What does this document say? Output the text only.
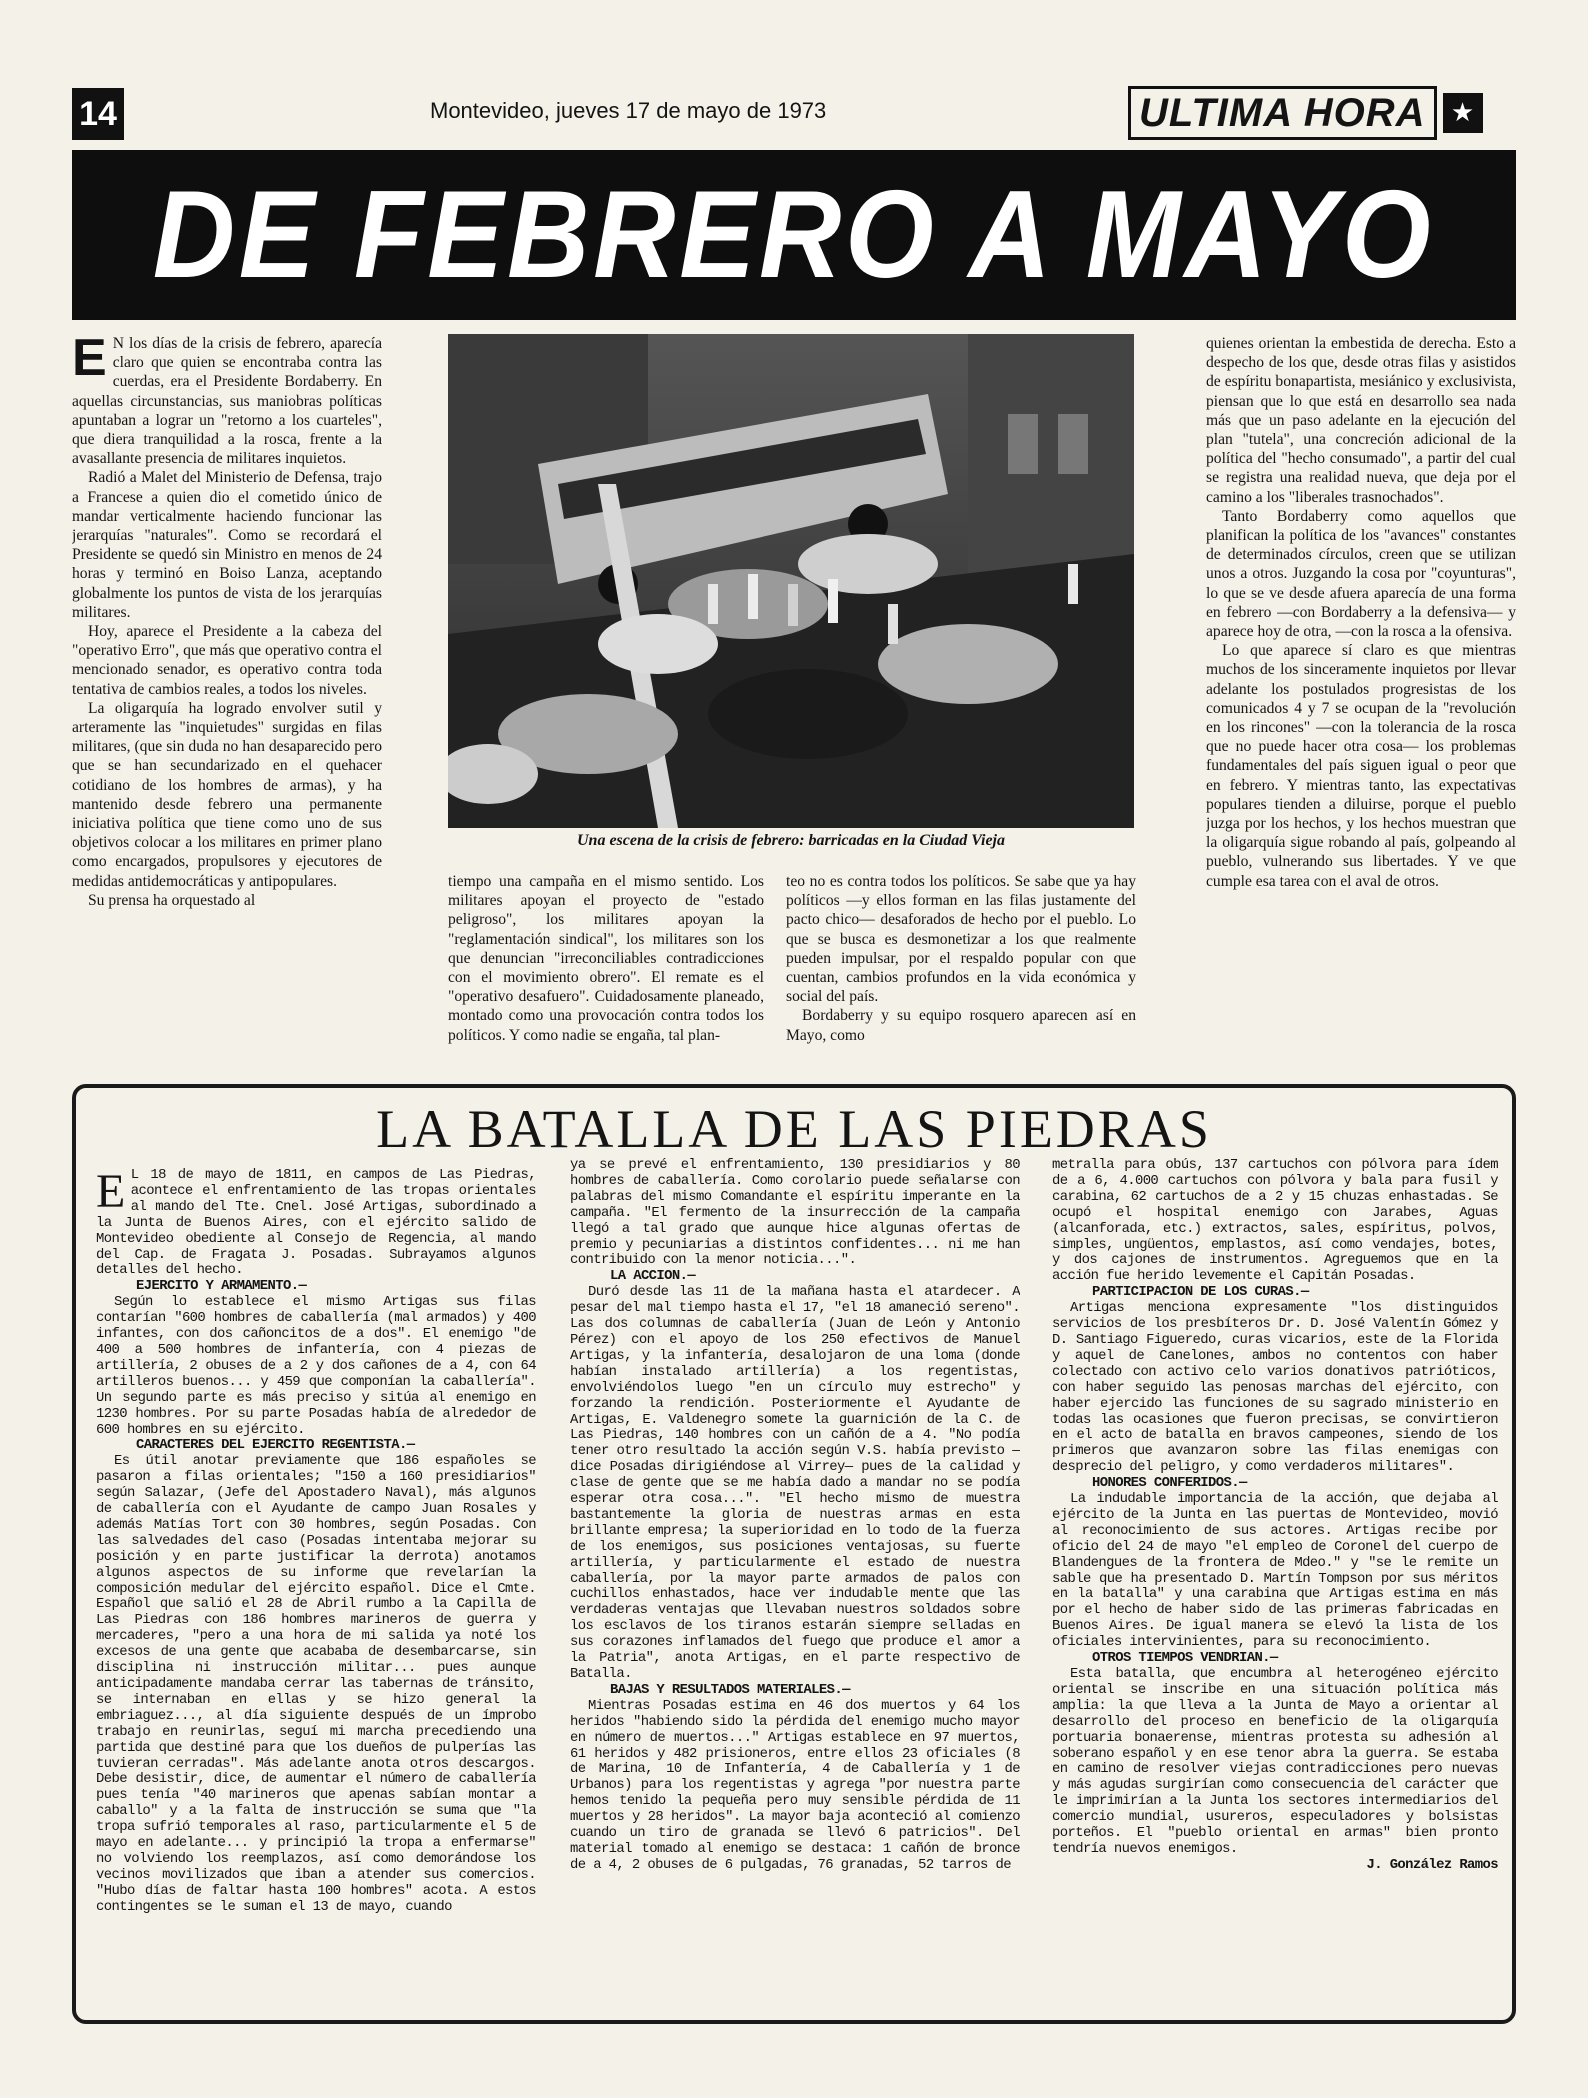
14	Montevideo, jueves 17 de mayo de 1973	ULTIMA HORA ★
DE FEBRERO A MAYO
E N los días de la crisis de febrero, aparecía claro que quien se encontraba contra las cuerdas, era el Presidente Bordaberry. En aquellas circunstancias, sus maniobras políticas apuntaban a lograr un "retorno a los cuarteles", que diera tranquilidad a la rosca, frente a la avasallante presencia de militares inquietos.

Radió a Malet del Ministerio de Defensa, trajo a Francese a quien dio el cometido único de mandar verticalmente haciendo funcionar las jerarquías "naturales". Como se recordará el Presidente se quedó sin Ministro en menos de 24 horas y terminó en Boiso Lanza, aceptando globalmente los puntos de vista de los jerarquías militares.

Hoy, aparece el Presidente a la cabeza del "operativo Erro", que más que operativo contra el mencionado senador, es operativo contra toda tentativa de cambios reales, a todos los niveles.

La oligarquía ha logrado envolver sutil y arteramente las "inquietudes" surgidas en filas militares, (que sin duda no han desaparecido pero que se han secundarizado en el quehacer cotidiano de los hombres de armas), y ha mantenido desde febrero una permanente iniciativa política que tiene como uno de sus objetivos colocar a los militares en primer plano como encargados, propulsores y ejecutores de medidas antidemocráticas y antipopulares.

Su prensa ha orquestado al

Una escena de la crisis de febrero: barricadas en la Ciudad Vieja

tiempo una campaña en el mismo sentido. Los militares apoyan el proyecto de "estado peligroso", los militares apoyan la "reglamentación sindical", los militares son los que denuncian "irreconciliables contradicciones con el movimiento obrero". El remate es el "operativo desafuero". Cuidadosamente planeado, montado como una provocación contra todos los políticos. Y como nadie se engaña, tal plan-

teo no es contra todos los políticos. Se sabe que ya hay políticos —y ellos forman en las filas justamente del pacto chico— desaforados de hecho por el pueblo. Lo que se busca es desmonetizar a los que realmente pueden impulsar, por el respaldo popular con que cuentan, cambios profundos en la vida económica y social del país.

Bordaberry y su equipo rosquero aparecen así en Mayo, como

quienes orientan la embestida de derecha. Esto a despecho de los que, desde otras filas y asistidos de espíritu bonapartista, mesiánico y exclusivista, piensan que lo que está en desarrollo sea nada más que un paso adelante en la ejecución del plan "tutela", una concreción adicional de la política del "hecho consumado", a partir del cual se registra una realidad nueva, que deja por el camino a los "liberales trasnochados".

Tanto Bordaberry como aquellos que planifican la política de los "avances" constantes de determinados círculos, creen que se utilizan unos a otros. Juzgando la cosa por "coyunturas", lo que se ve desde afuera aparecía de una forma en febrero —con Bordaberry a la defensiva— y aparece hoy de otra, —con la rosca a la ofensiva.

Lo que aparece sí claro es que mientras muchos de los sinceramente inquietos por llevar adelante los postulados progresistas de los comunicados 4 y 7 se ocupan de la "revolución en los rincones" —con la tolerancia de la rosca que no puede hacer otra cosa— los problemas fundamentales del país siguen igual o peor que en febrero. Y mientras tanto, las expectativas populares tienden a diluirse, porque el pueblo juzga por los hechos, y los hechos muestran que la oligarquía sigue robando al país, golpeando al pueblo, vulnerando sus libertades. Y ve que cumple esa tarea con el aval de otros.

LA BATALLA DE LAS PIEDRAS
E L 18 de mayo de 1811, en campos de Las Piedras, acontece el enfrentamiento de las tropas orientales al mando del Tte. Cnel. José Artigas, subordinado a la Junta de Buenos Aires, con el ejército salido de Montevideo obediente al Consejo de Regencia, al mando del Cap. de Fragata J. Posadas. Subrayamos algunos detalles del hecho.

EJERCITO Y ARMAMENTO.—

Según lo establece el mismo Artigas sus filas contarían "600 hombres de caballería (mal armados) y 400 infantes, con dos cañoncitos de a dos". El enemigo "de 400 a 500 hombres de infantería, con 4 piezas de artillería, 2 obuses de a 2 y dos cañones de a 4, con 64 artilleros buenos... y 459 que componían la caballería". Un segundo parte es más preciso y sitúa al enemigo en 1230 hombres. Por su parte Posadas había de alrededor de 600 hombres en su ejército.

CARACTERES DEL EJERCITO REGENTISTA.—

Es útil anotar previamente que 186 españoles se pasaron a filas orientales; "150 a 160 presidiarios" según Salazar, (Jefe del Apostadero Naval), más algunos de caballería con el Ayudante de campo Juan Rosales y además Matías Tort con 30 hombres, según Posadas. Con las salvedades del caso (Posadas intentaba mejorar su posición y en parte justificar la derrota) anotamos algunos aspectos de su informe que revelarían la composición medular del ejército español. Dice el Cmte. Español que salió el 28 de Abril rumbo a la Capilla de Las Piedras con 186 hombres marineros de guerra y mercaderes, "pero a una hora de mi salida ya noté los excesos de una gente que acababa de desembarcarse, sin disciplina ni instrucción militar... pues aunque anticipadamente mandaba cerrar las tabernas de tránsito, se internaban en ellas y se hizo general la embriaguez..., al día siguiente después de un ímprobo trabajo en reunirlas, seguí mi marcha precediendo una partida que destiné para que los dueños de pulperías las tuvieran cerradas". Más adelante anota otros descargos. Debe desistir, dice, de aumentar el número de caballería pues tenía "40 marineros que apenas sabían montar a caballo" y a la falta de instrucción se suma que "la tropa sufrió temporales al raso, particularmente el 5 de mayo en adelante... y principió la tropa a enfermarse" no volviendo los reemplazos, así como demorándose los vecinos movilizados que iban a atender sus comercios. "Hubo días de faltar hasta 100 hombres" acota. A estos contingentes se le suman el 13 de mayo, cuando

ya se prevé el enfrentamiento, 130 presidiarios y 80 hombres de caballería. Como corolario puede señalarse con palabras del mismo Comandante el espíritu imperante en la campaña. "El fermento de la insurrección de la campaña llegó a tal grado que aunque hice algunas ofertas de premio y pecuniarias a distintos confidentes... ni me han contribuido con la menor noticia...".

LA ACCION.—

Duró desde las 11 de la mañana hasta el atardecer. A pesar del mal tiempo hasta el 17, "el 18 amaneció sereno". Las dos columnas de caballería (Juan de León y Antonio Pérez) con el apoyo de los 250 efectivos de Manuel Artigas, y la infantería, desalojaron de una loma (donde habían instalado artillería) a los regentistas, envolviéndolos luego "en un círculo muy estrecho" y forzando la rendición. Posteriormente el Ayudante de Artigas, E. Valdenegro somete la guarnición de la C. de Las Piedras, 140 hombres con un cañón de a 4. "No podía tener otro resultado la acción según V.S. había previsto —dice Posadas dirigiéndose al Virrey— pues de la calidad y clase de gente que se me había dado a mandar no se podía esperar otra cosa...". "El hecho mismo de muestra bastantemente la gloria de nuestras armas en esta brillante empresa; la superioridad en lo todo de la fuerza de los enemigos, sus posiciones ventajosas, su fuerte artillería, y particularmente el estado de nuestra caballería, por la mayor parte armados de palos con cuchillos enhastados, hace ver indudable mente que las verdaderas ventajas que llevaban nuestros soldados sobre los esclavos de los tiranos estarán siempre selladas en sus corazones inflamados del fuego que produce el amor a la Patria", anota Artigas, en el parte respectivo de Batalla.

BAJAS Y RESULTADOS MATERIALES.—

Mientras Posadas estima en 46 dos muertos y 64 los heridos "habiendo sido la pérdida del enemigo mucho mayor en número de muertos..." Artigas establece en 97 muertos, 61 heridos y 482 prisioneros, entre ellos 23 oficiales (8 de Marina, 10 de Infantería, 4 de Caballería y 1 de Urbanos) para los regentistas y agrega "por nuestra parte hemos tenido la pequeña pero muy sensible pérdida de 11 muertos y 28 heridos". La mayor baja aconteció al comienzo cuando un tiro de granada se llevó 6 patricios". Del material tomado al enemigo se destaca: 1 cañón de bronce de a 4, 2 obuses de 6 pulgadas, 76 granadas, 52 tarros de

metralla para obús, 137 cartuchos con pólvora para ídem de a 6, 4.000 cartuchos con pólvora y bala para fusil y carabina, 62 cartuchos de a 2 y 15 chuzas enhastadas. Se ocupó el hospital enemigo con Jarabes, Aguas (alcanforada, etc.) extractos, sales, espíritus, polvos, simples, ungüentos, emplastos, así como vendajes, botes, y dos cajones de instrumentos. Agreguemos que en la acción fue herido levemente el Capitán Posadas.

PARTICIPACION DE LOS CURAS.—

Artigas menciona expresamente "los distinguidos servicios de los presbíteros Dr. D. José Valentín Gómez y D. Santiago Figueredo, curas vicarios, este de la Florida y aquel de Canelones, ambos no contentos con haber colectado con activo celo varios donativos patrióticos, con haber seguido las penosas marchas del ejército, con haber ejercido las funciones de su sagrado ministerio en todas las ocasiones que fueron precisas, se convirtieron en el acto de batalla en bravos campeones, siendo de los primeros que avanzaron sobre las filas enemigas con desprecio del peligro, y como verdaderos militares".

HONORES CONFERIDOS.—

La indudable importancia de la acción, que dejaba al ejército de la Junta en las puertas de Montevideo, movió al reconocimiento de sus actores. Artigas recibe por oficio del 24 de mayo "el empleo de Coronel del cuerpo de Blandengues de la frontera de Mdeo." y "se le remite un sable que ha presentado D. Martín Tompson por sus méritos en la batalla" y una carabina que Artigas estima en más por el hecho de haber sido de las primeras fabricadas en Buenos Aires. De igual manera se elevó la lista de los oficiales intervinientes, para su reconocimiento.

OTROS TIEMPOS VENDRIAN.—

Esta batalla, que encumbra al heterogéneo ejército oriental se inscribe en una situación política más amplia: la que lleva a la Junta de Mayo a orientar al desarrollo del proceso en beneficio de la oligarquía portuaria bonaerense, mientras protesta su adhesión al soberano español y en ese tenor abra la guerra. Se estaba en camino de resolver viejas contradicciones pero nuevas y más agudas surgirían como consecuencia del carácter que le imprimirían a la Junta los sectores intermediarios del comercio mundial, usureros, especuladores y bolsistas porteños. El "pueblo oriental en armas" bien pronto tendría nuevos enemigos.

J. González Ramos
